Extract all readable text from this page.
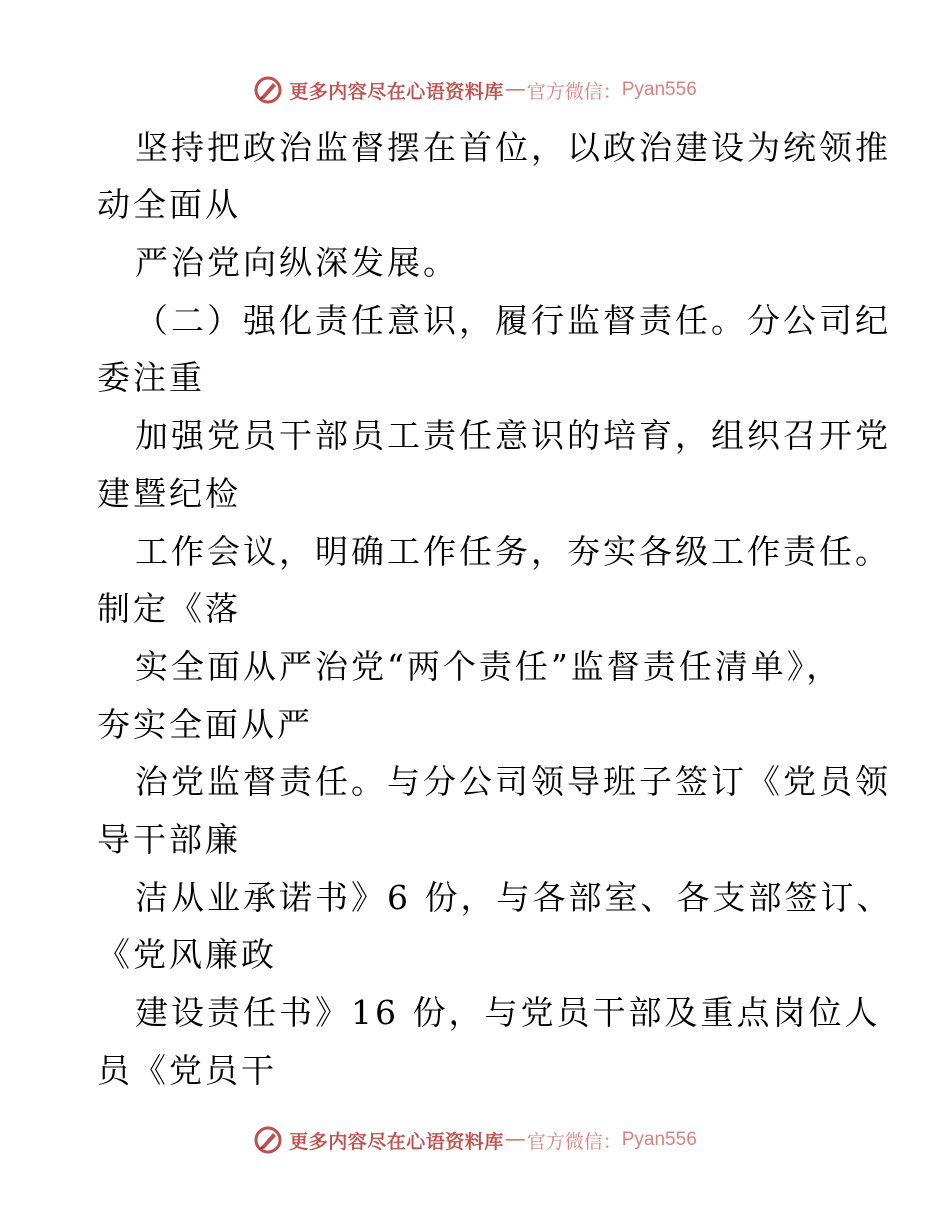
更多内容尽在心语资料库 — 官方微信： Pyan556
坚持把政治监督摆在首位，以政治建设为统领推
动全面从
严治党向纵深发展。
（二）强化责任意识，履行监督责任。分公司纪
委注重
加强党员干部员工责任意识的培育，组织召开党
建暨纪检
工作会议，明确工作任务，夯实各级工作责任。
制定《落
实全面从严治党“两个责任”监督责任清单》，
夯实全面从严
治党监督责任。与分公司领导班子签订《党员领
导干部廉
洁从业承诺书》6 份，与各部室、各支部签订、
《党风廉政
建设责任书》16 份，与党员干部及重点岗位人
员《党员干
更多内容尽在心语资料库 — 官方微信： Pyan556
